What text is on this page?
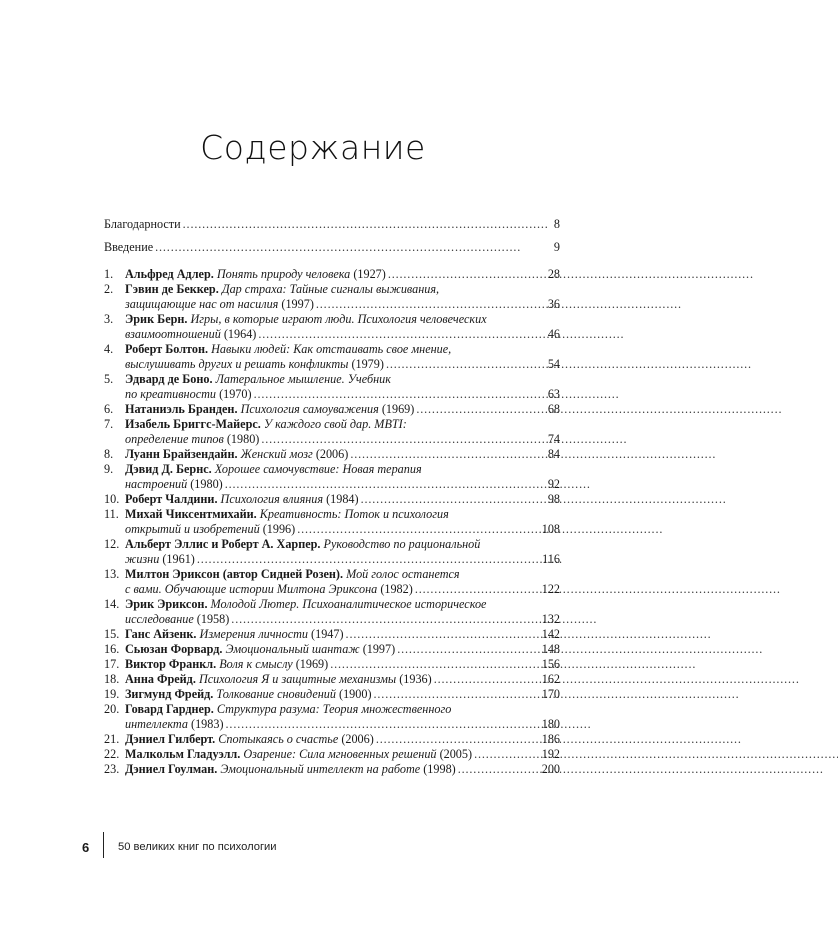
Содержание
Благодарности . . .	8
Введение . . .	9
1. Альфред Адлер. Понять природу человека (1927) . . .	28
2. Гэвин де Беккер. Дар страха: Тайные сигналы выживания,
защищающие нас от насилия (1997) . . .	36
3. Эрик Берн. Игры, в которые играют люди. Психология человеческих
взаимоотношений (1964) . . .	46
4. Роберт Болтон. Навыки людей: Как отстаивать свое мнение,
выслушивать других и решать конфликты (1979) . . .	54
5. Эдвард де Боно. Латеральное мышление. Учебник
по креативности (1970) . . .	63
6. Натаниэль Бранден. Психология самоуважения (1969) . . .	68
7. Изабель Бриггс-Майерс. У каждого свой дар. MBTI:
определение типов (1980) . . .	74
8. Луанн Брайзендайн. Женский мозг (2006) . . .	84
9. Дэвид Д. Бернс. Хорошее самочувствие: Новая терапия
настроений (1980) . . .	92
10. Роберт Чалдини. Психология влияния (1984) . . .	98
11. Михай Чиксентмихайи. Креативность: Поток и психология
открытий и изобретений (1996) . . .	108
12. Альберт Эллис и Роберт А. Харпер. Руководство по рациональной
жизни (1961) . . .	116
13. Милтон Эриксон (автор Сидней Розен). Мой голос останется
с вами. Обучающие истории Милтона Эриксона (1982) . . .	122
14. Эрик Эриксон. Молодой Лютер. Психоаналитическое историческое
исследование (1958) . . .	132
15. Ганс Айзенк. Измерения личности (1947) . . .	142
16. Сьюзан Форвард. Эмоциональный шантаж (1997) . . .	148
17. Виктор Франкл. Воля к смыслу (1969) . . .	156
18. Анна Фрейд. Психология Я и защитные механизмы (1936) . . .	162
19. Зигмунд Фрейд. Толкование сновидений (1900) . . .	170
20. Говард Гарднер. Структура разума: Теория множественного
интеллекта (1983) . . .	180
21. Дэниел Гилберт. Спотыкаясь о счастье (2006) . . .	186
22. Малкольм Гладуэлл. Озарение: Сила мгновенных решений (2005) . . .	192
23. Дэниел Гоулман. Эмоциональный интеллект на работе (1998) . . .	200
6	50 великих книг по психологии
